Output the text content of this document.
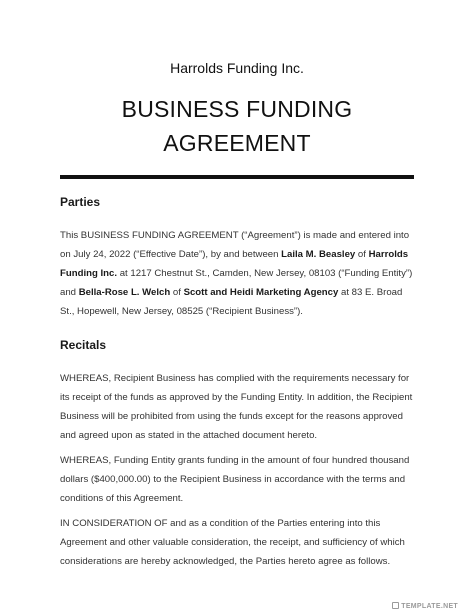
Harrolds Funding Inc.
BUSINESS FUNDING
AGREEMENT
Parties
This BUSINESS FUNDING AGREEMENT (“Agreement”) is made and entered into on July 24, 2022 (“Effective Date”), by and between Laila M. Beasley of Harrolds Funding Inc. at 1217 Chestnut St., Camden, New Jersey, 08103 (“Funding Entity”) and Bella-Rose L. Welch of Scott and Heidi Marketing Agency at 83 E. Broad St., Hopewell, New Jersey, 08525 (“Recipient Business”).
Recitals
WHEREAS, Recipient Business has complied with the requirements necessary for its receipt of the funds as approved by the Funding Entity. In addition, the Recipient Business will be prohibited from using the funds except for the reasons approved and agreed upon as stated in the attached document hereto.
WHEREAS, Funding Entity grants funding in the amount of four hundred thousand dollars ($400,000.00) to the Recipient Business in accordance with the terms and conditions of this Agreement.
IN CONSIDERATION OF and as a condition of the Parties entering into this Agreement and other valuable consideration, the receipt, and sufficiency of which considerations are hereby acknowledged, the Parties hereto agree as follows.
TEMPLATE.NET
